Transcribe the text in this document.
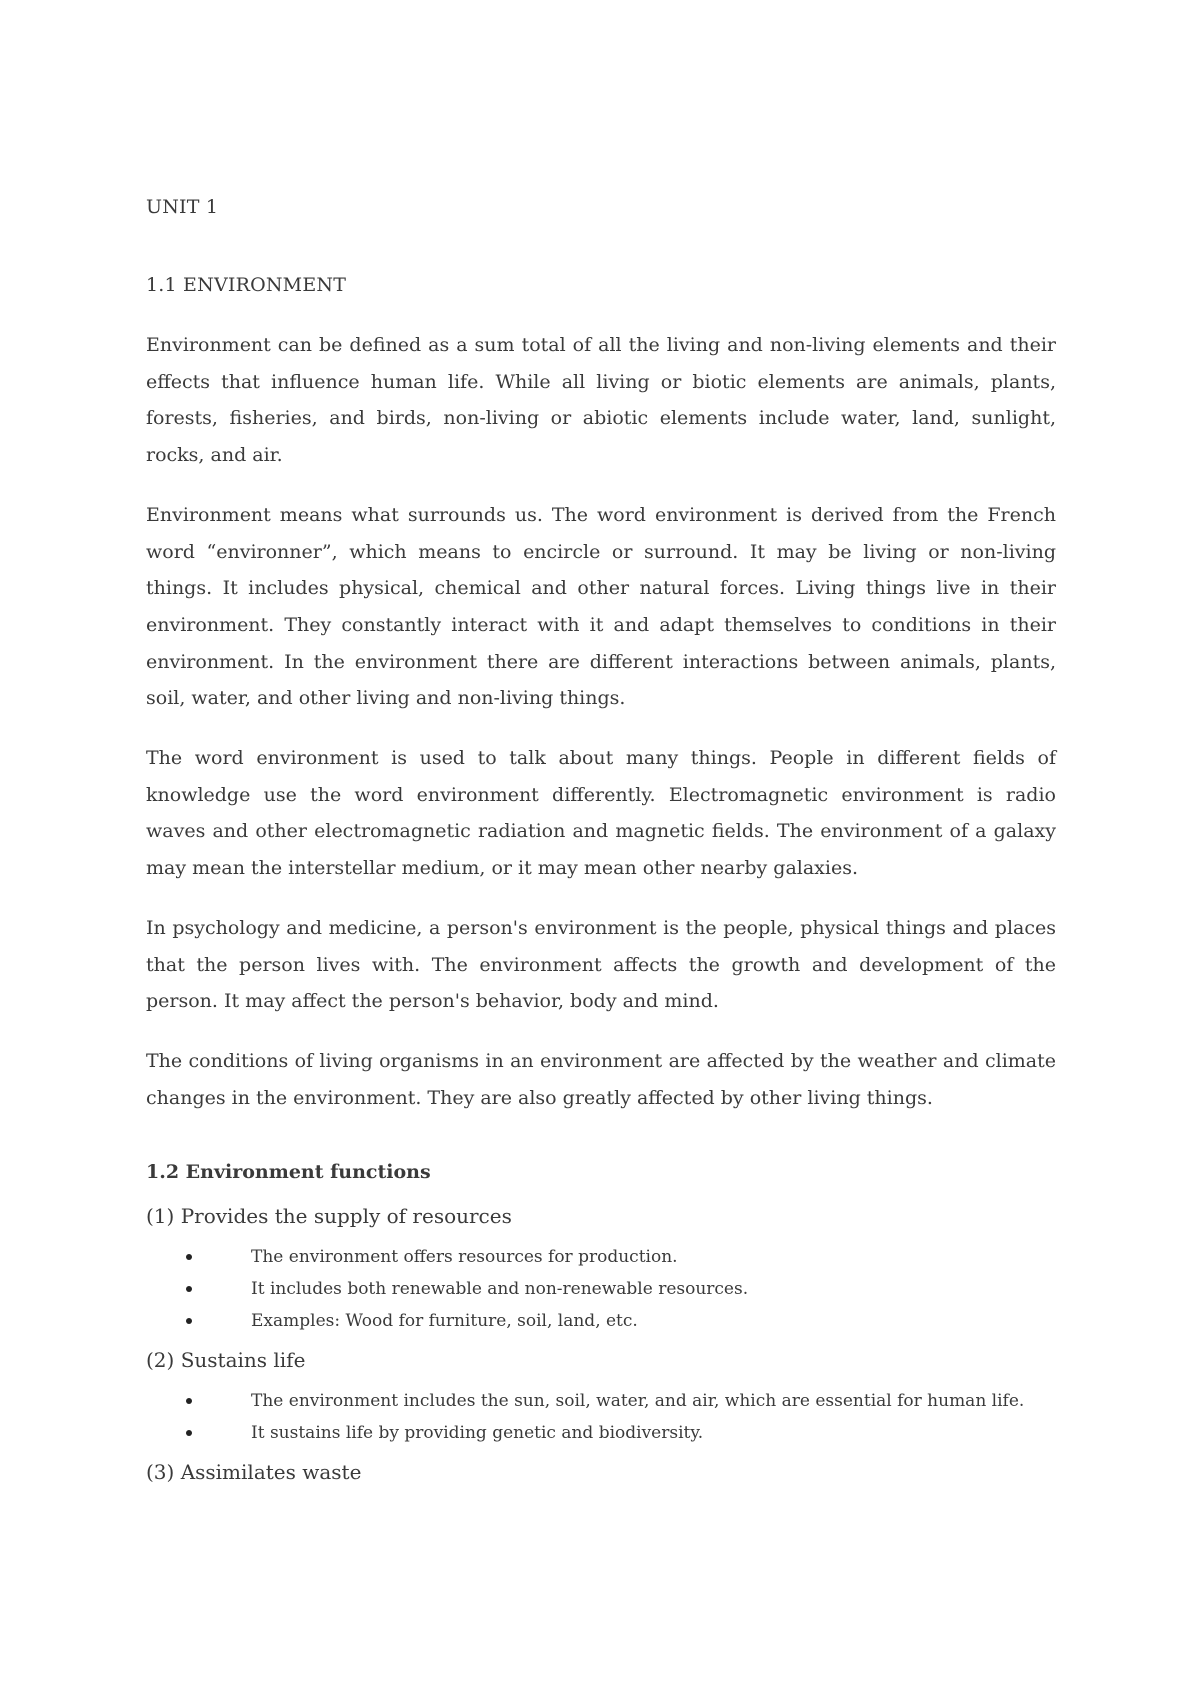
UNIT 1
1.1 ENVIRONMENT

Environment can be defined as a sum total of all the living and non-living elements and their effects that influence human life. While all living or biotic elements are animals, plants, forests, fisheries, and birds, non-living or abiotic elements include water, land, sunlight, rocks, and air.

Environment means what surrounds us. The word environment is derived from the French word “environner”, which means to encircle or surround. It may be living or non-living things. It includes physical, chemical and other natural forces. Living things live in their environment. They constantly interact with it and adapt themselves to conditions in their environment. In the environment there are different interactions between animals, plants, soil, water, and other living and non-living things.

The word environment is used to talk about many things. People in different fields of knowledge use the word environment differently. Electromagnetic environment is radio waves and other electromagnetic radiation and magnetic fields. The environment of a galaxy may mean the interstellar medium, or it may mean other nearby galaxies.

In psychology and medicine, a person's environment is the people, physical things and places that the person lives with. The environment affects the growth and development of the person. It may affect the person's behavior, body and mind.

The conditions of living organisms in an environment are affected by the weather and climate changes in the environment. They are also greatly affected by other living things.

1.2 Environment functions

(1) Provides the supply of resources

The environment offers resources for production.
It includes both renewable and non-renewable resources.
Examples: Wood for furniture, soil, land, etc.

(2) Sustains life

The environment includes the sun, soil, water, and air, which are essential for human life.
It sustains life by providing genetic and biodiversity.

(3) Assimilates waste
